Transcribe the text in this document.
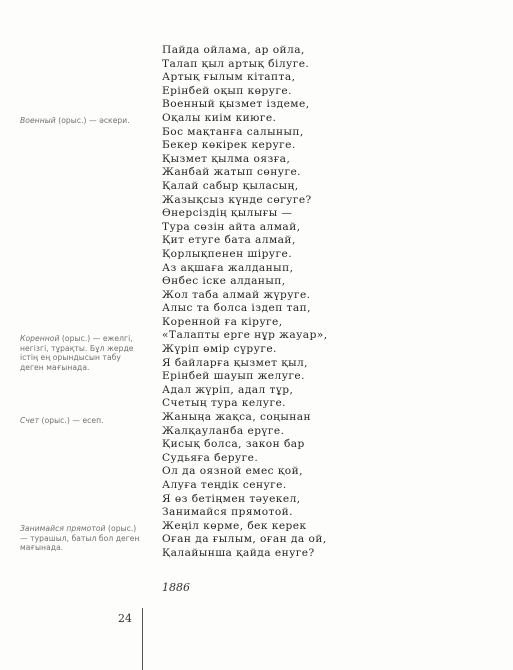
Военный (орыс.) — әскери.
Коренной (орыс.) — ежелгі, негізгі, тұрақты. Бұл жерде істің ең орындысын табу деген мағынада.
Счет (орыс.) — есеп.
Занимайся прямотой (орыс.) — турашыл, батыл бол деген мағынада.
Пайда ойлама, ар ойла,
Талап қыл артық білуге.
Артық ғылым кітапта,
Ерінбей оқып көруге.
Военный қызмет іздеме,
Оқалы киім киюге.
Бос мақтанға салынып,
Бекер көкірек керуге.
Қызмет қылма оязға,
Жанбай жатып сөнуге.
Қалай сабыр қыласың,
Жазықсыз күнде сөгуге?
Өнерсіздің қылығы —
Тура сөзін айта алмай,
Қит етуге бата алмай,
Қорлықпенен шіруге.
Аз ақшаға жалданып,
Өнбес іске алданып,
Жол таба алмай жүруге.
Алыс та болса іздеп тап,
Коренной ға кіруге,
«Талапты ерге нұр жауар»,
Жүріп өмір сүруге.
Я байларға қызмет қыл,
Ерінбей шауып желуге.
Адал жүріп, адал тұр,
Счетың тура келуге.
Жаныңа жақса, соңынан
Жалқауланба ерүге.
Қисық болса, закон бар
Судьяға беруге.
Ол да оязной емес қой,
Алуға теңдік сенуге.
Я өз бетіңмен тәуекел,
Занимайся прямотой.
Жеңіл көрме, бек керек
Оған да ғылым, оған да ой,
Қалайынша қайда енуге?
1886
24
